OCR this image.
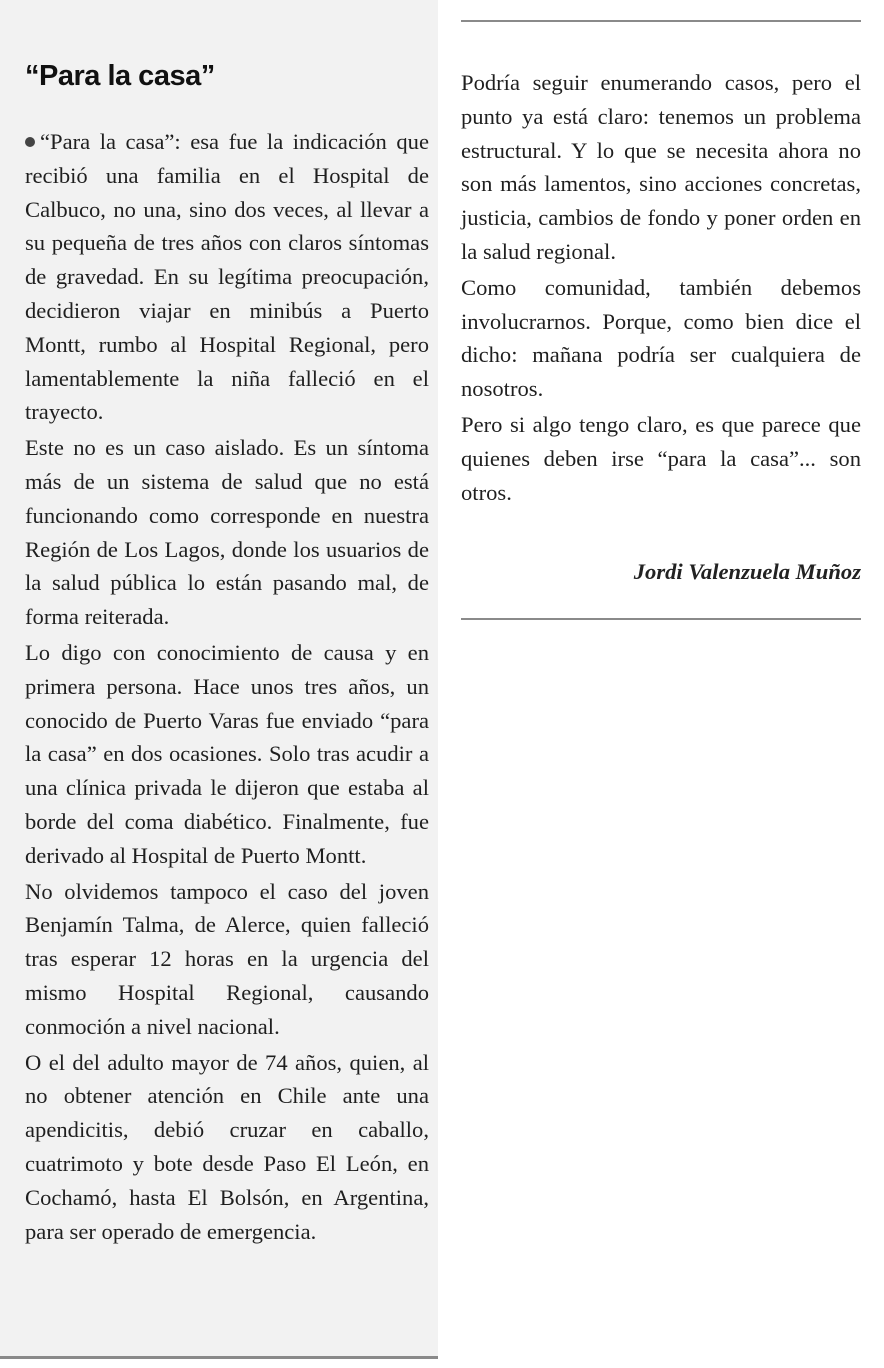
“Para la casa”

“Para la casa”: esa fue la indicación que recibió una familia en el Hospital de Calbuco, no una, sino dos veces, al llevar a su pequeña de tres años con claros síntomas de gravedad. En su legítima preocupación, decidieron viajar en minibús a Puerto Montt, rumbo al Hospital Regional, pero lamentablemente la niña falleció en el trayecto.

Este no es un caso aislado. Es un síntoma más de un sistema de salud que no está funcionando como corresponde en nuestra Región de Los Lagos, donde los usuarios de la salud pública lo están pasando mal, de forma reiterada.

Lo digo con conocimiento de causa y en primera persona. Hace unos tres años, un conocido de Puerto Varas fue enviado “para la casa” en dos ocasiones. Solo tras acudir a una clínica privada le dijeron que estaba al borde del coma diabético. Finalmente, fue derivado al Hospital de Puerto Montt.

No olvidemos tampoco el caso del joven Benjamín Talma, de Alerce, quien falleció tras esperar 12 horas en la urgencia del mismo Hospital Regional, causando conmoción a nivel nacional.

O el del adulto mayor de 74 años, quien, al no obtener atención en Chile ante una apendicitis, debió cruzar en caballo, cuatrimoto y bote desde Paso El León, en Cochamó, hasta El Bolsón, en Argentina, para ser operado de emergencia.

Podría seguir enumerando casos, pero el punto ya está claro: tenemos un problema estructural. Y lo que se necesita ahora no son más lamentos, sino acciones concretas, justicia, cambios de fondo y poner orden en la salud regional.

Como comunidad, también debemos involucrarnos. Porque, como bien dice el dicho: mañana podría ser cualquiera de nosotros.

Pero si algo tengo claro, es que parece que quienes deben irse “para la casa”... son otros.

Jordi Valenzuela Muñoz
